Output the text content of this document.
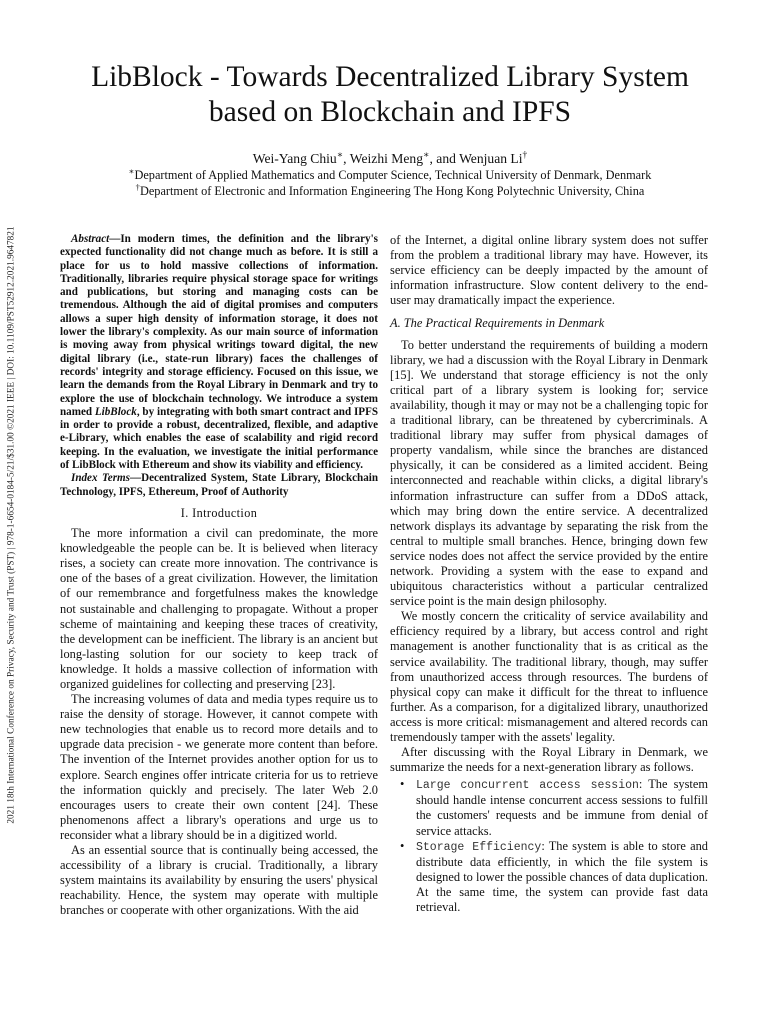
2021 18th International Conference on Privacy, Security and Trust (PST) | 978-1-6654-0184-5/21/$31.00 ©2021 IEEE | DOI: 10.1109/PST52912.2021.9647821
LibBlock - Towards Decentralized Library System
based on Blockchain and IPFS
Wei-Yang Chiu∗, Weizhi Meng∗, and Wenjuan Li†
∗Department of Applied Mathematics and Computer Science, Technical University of Denmark, Denmark
†Department of Electronic and Information Engineering The Hong Kong Polytechnic University, China

Abstract—In modern times, the definition and the library's expected functionality did not change much as before. It is still a place for us to hold massive collections of information. Traditionally, libraries require physical storage space for writings and publications, but storing and managing costs can be tremendous. Although the aid of digital promises and computers allows a super high density of information storage, it does not lower the library's complexity. As our main source of information is moving away from physical writings toward digital, the new digital library (i.e., state-run library) faces the challenges of records' integrity and storage efficiency. Focused on this issue, we learn the demands from the Royal Library in Denmark and try to explore the use of blockchain technology. We introduce a system named LibBlock, by integrating with both smart contract and IPFS in order to provide a robust, decentralized, flexible, and adaptive e-Library, which enables the ease of scalability and rigid record keeping. In the evaluation, we investigate the initial performance of LibBlock with Ethereum and show its viability and efficiency.

Index Terms—Decentralized System, State Library, Blockchain Technology, IPFS, Ethereum, Proof of Authority

I. Introduction

The more information a civil can predominate, the more knowledgeable the people can be. It is believed when literacy rises, a society can create more innovation. The contrivance is one of the bases of a great civilization. However, the limitation of our remembrance and forgetfulness makes the knowledge not sustainable and challenging to propagate. Without a proper scheme of maintaining and keeping these traces of creativity, the development can be inefficient. The library is an ancient but long-lasting solution for our society to keep track of knowledge. It holds a massive collection of information with organized guidelines for collecting and preserving [23].

The increasing volumes of data and media types require us to raise the density of storage. However, it cannot compete with new technologies that enable us to record more details and to upgrade data precision - we generate more content than before. The invention of the Internet provides another option for us to explore. Search engines offer intricate criteria for us to retrieve the information quickly and precisely. The later Web 2.0 encourages users to create their own content [24]. These phenomenons affect a library's operations and urge us to reconsider what a library should be in a digitized world.

As an essential source that is continually being accessed, the accessibility of a library is crucial. Traditionally, a library system maintains its availability by ensuring the users' physical reachability. Hence, the system may operate with multiple branches or cooperate with other organizations. With the aid

of the Internet, a digital online library system does not suffer from the problem a traditional library may have. However, its service efficiency can be deeply impacted by the amount of information infrastructure. Slow content delivery to the end-user may dramatically impact the experience.

A. The Practical Requirements in Denmark

To better understand the requirements of building a modern library, we had a discussion with the Royal Library in Denmark [15]. We understand that storage efficiency is not the only critical part of a library system is looking for; service availability, though it may or may not be a challenging topic for a traditional library, can be threatened by cybercriminals. A traditional library may suffer from physical damages of property vandalism, while since the branches are distanced physically, it can be considered as a limited accident. Being interconnected and reachable within clicks, a digital library's information infrastructure can suffer from a DDoS attack, which may bring down the entire service. A decentralized network displays its advantage by separating the risk from the central to multiple small branches. Hence, bringing down few service nodes does not affect the service provided by the entire network. Providing a system with the ease to expand and ubiquitous characteristics without a particular centralized service point is the main design philosophy.

We mostly concern the criticality of service availability and efficiency required by a library, but access control and right management is another functionality that is as critical as the service availability. The traditional library, though, may suffer from unauthorized access through resources. The burdens of physical copy can make it difficult for the threat to influence further. As a comparison, for a digitalized library, unauthorized access is more critical: mismanagement and altered records can tremendously tamper with the assets' legality.

After discussing with the Royal Library in Denmark, we summarize the needs for a next-generation library as follows.

• Large concurrent access session: The system should handle intense concurrent access sessions to fulfill the customers' requests and be immune from denial of service attacks.
• Storage Efficiency: The system is able to store and distribute data efficiently, in which the file system is designed to lower the possible chances of data duplication. At the same time, the system can provide fast data retrieval.
